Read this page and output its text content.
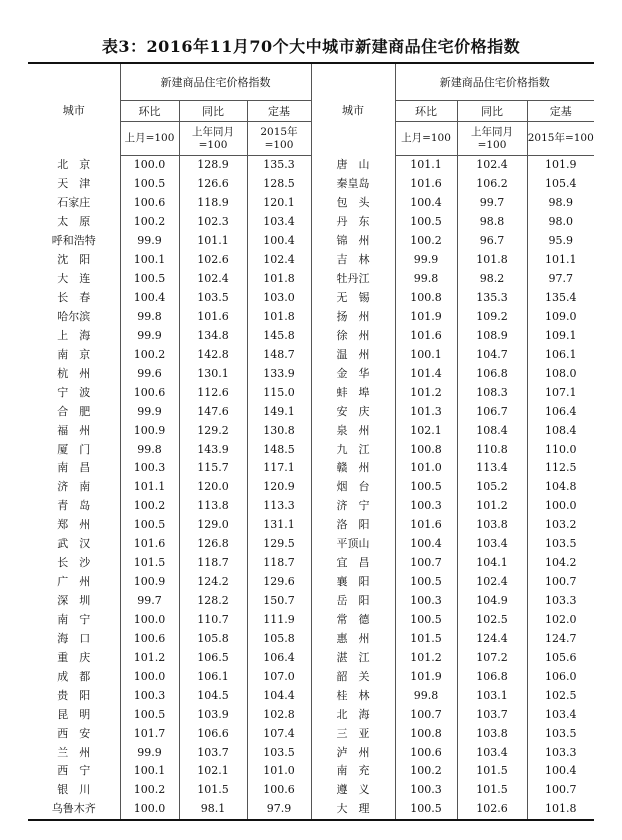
表3：2016年11月70个大中城市新建商品住宅价格指数
城市	新建商品住宅价格指数			城市	新建商品住宅价格指数		
	环比	同比	定基		环比	同比	定基
	上月=100	上年同月=100	2015年=100		上月=100	上年同月=100	2015年=100
北　京	100.0	128.9	135.3	唐　山	101.1	102.4	101.9
天　津	100.5	126.6	128.5	秦皇岛	101.6	106.2	105.4
石家庄	100.6	118.9	120.1	包　头	100.4	99.7	98.9
太　原	100.2	102.3	103.4	丹　东	100.5	98.8	98.0
呼和浩特	99.9	101.1	100.4	锦　州	100.2	96.7	95.9
沈　阳	100.1	102.6	102.4	吉　林	99.9	101.8	101.1
大　连	100.5	102.4	101.8	牡丹江	99.8	98.2	97.7
长　春	100.4	103.5	103.0	无　锡	100.8	135.3	135.4
哈尔滨	99.8	101.6	101.8	扬　州	101.9	109.2	109.0
上　海	99.9	134.8	145.8	徐　州	101.6	108.9	109.1
南　京	100.2	142.8	148.7	温　州	100.1	104.7	106.1
杭　州	99.6	130.1	133.9	金　华	101.4	106.8	108.0
宁　波	100.6	112.6	115.0	蚌　埠	101.2	108.3	107.1
合　肥	99.9	147.6	149.1	安　庆	101.3	106.7	106.4
福　州	100.9	129.2	130.8	泉　州	102.1	108.4	108.4
厦　门	99.8	143.9	148.5	九　江	100.8	110.8	110.0
南　昌	100.3	115.7	117.1	赣　州	101.0	113.4	112.5
济　南	101.1	120.0	120.9	烟　台	100.5	105.2	104.8
青　岛	100.2	113.8	113.3	济　宁	100.3	101.2	100.0
郑　州	100.5	129.0	131.1	洛　阳	101.6	103.8	103.2
武　汉	101.6	126.8	129.5	平顶山	100.4	103.4	103.5
长　沙	101.5	118.7	118.7	宜　昌	100.7	104.1	104.2
广　州	100.9	124.2	129.6	襄　阳	100.5	102.4	100.7
深　圳	99.7	128.2	150.7	岳　阳	100.3	104.9	103.3
南　宁	100.0	110.7	111.9	常　德	100.5	102.5	102.0
海　口	100.6	105.8	105.8	惠　州	101.5	124.4	124.7
重　庆	101.2	106.5	106.4	湛　江	101.2	107.2	105.6
成　都	100.0	106.1	107.0	韶　关	101.9	106.8	106.0
贵　阳	100.3	104.5	104.4	桂　林	99.8	103.1	102.5
昆　明	100.5	103.9	102.8	北　海	100.7	103.7	103.4
西　安	101.7	106.6	107.4	三　亚	100.8	103.8	103.5
兰　州	99.9	103.7	103.5	泸　州	100.6	103.4	103.3
西　宁	100.1	102.1	101.0	南　充	100.2	101.5	100.4
银　川	100.2	101.5	100.6	遵　义	100.3	101.5	100.7
乌鲁木齐	100.0	98.1	97.9	大　理	100.5	102.6	101.8
